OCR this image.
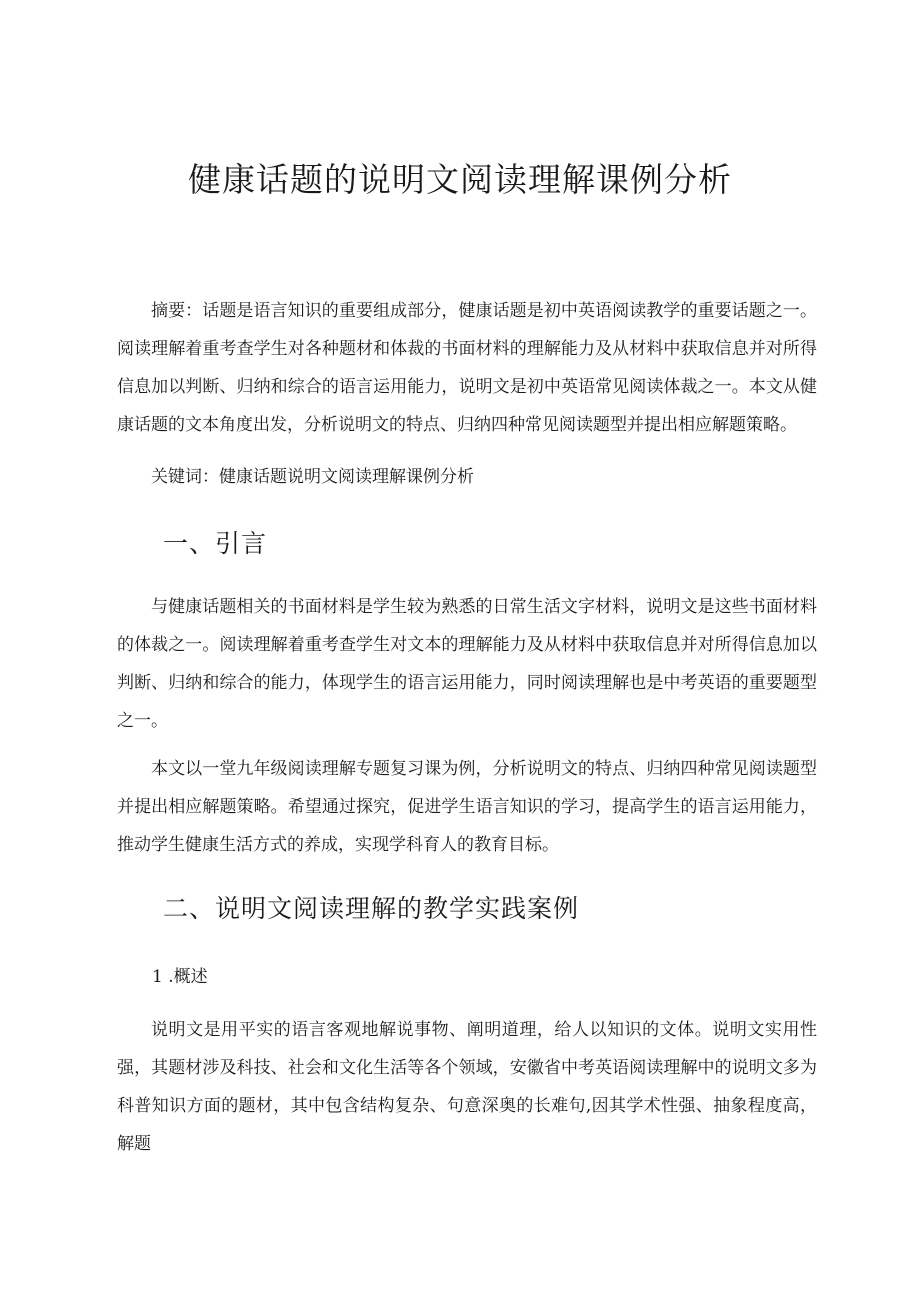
健康话题的说明文阅读理解课例分析

摘要：话题是语言知识的重要组成部分，健康话题是初中英语阅读教学的重要话题之一。阅读理解着重考查学生对各种题材和体裁的书面材料的理解能力及从材料中获取信息并对所得信息加以判断、归纳和综合的语言运用能力，说明文是初中英语常见阅读体裁之一。本文从健康话题的文本角度出发，分析说明文的特点、归纳四种常见阅读题型并提出相应解题策略。

关键词：健康话题说明文阅读理解课例分析

一、引言

与健康话题相关的书面材料是学生较为熟悉的日常生活文字材料，说明文是这些书面材料的体裁之一。阅读理解着重考查学生对文本的理解能力及从材料中获取信息并对所得信息加以判断、归纳和综合的能力，体现学生的语言运用能力，同时阅读理解也是中考英语的重要题型之一。

本文以一堂九年级阅读理解专题复习课为例，分析说明文的特点、归纳四种常见阅读题型并提出相应解题策略。希望通过探究，促进学生语言知识的学习，提高学生的语言运用能力，推动学生健康生活方式的养成，实现学科育人的教育目标。

二、说明文阅读理解的教学实践案例
1 .概述

说明文是用平实的语言客观地解说事物、阐明道理，给人以知识的文体。说明文实用性强，其题材涉及科技、社会和文化生活等各个领域，安徽省中考英语阅读理解中的说明文多为科普知识方面的题材，其中包含结构复杂、句意深奥的长难句,因其学术性强、抽象程度高，解题
